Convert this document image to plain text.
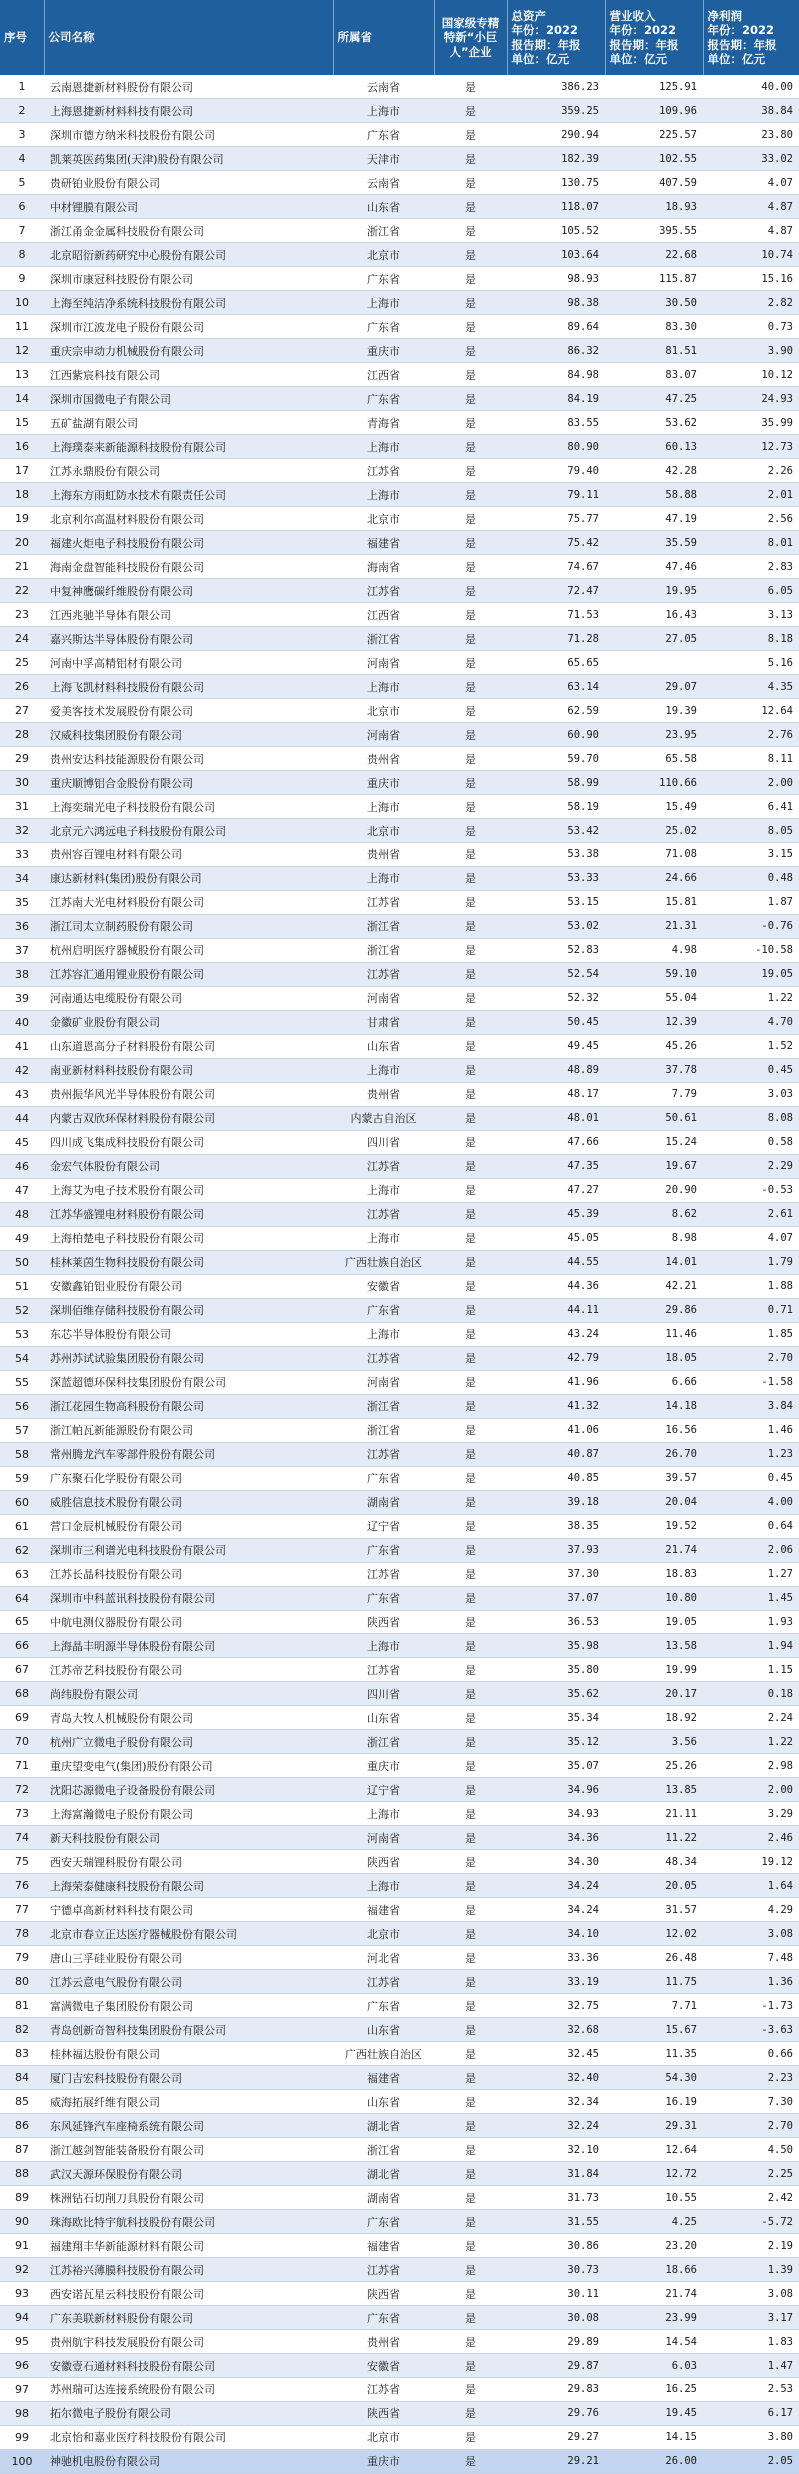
序号	公司名称	所属省	国家级专精特新“小巨人”企业	总资产
年份：2022
报告期：年报
单位：亿元	营业收入
年份：2022
报告期：年报
单位：亿元	净利润
年份：2022
报告期：年报
单位：亿元
1	云南恩捷新材料股份有限公司	云南省	是	386.23	125.91	40.00
2	上海恩捷新材料科技有限公司	上海市	是	359.25	109.96	38.84
3	深圳市德方纳米科技股份有限公司	广东省	是	290.94	225.57	23.80
4	凯莱英医药集团(天津)股份有限公司	天津市	是	182.39	102.55	33.02
5	贵研铂业股份有限公司	云南省	是	130.75	407.59	4.07
6	中材锂膜有限公司	山东省	是	118.07	18.93	4.87
7	浙江甬金金属科技股份有限公司	浙江省	是	105.52	395.55	4.87
8	北京昭衍新药研究中心股份有限公司	北京市	是	103.64	22.68	10.74
9	深圳市康冠科技股份有限公司	广东省	是	98.93	115.87	15.16
10	上海至纯洁净系统科技股份有限公司	上海市	是	98.38	30.50	2.82
11	深圳市江波龙电子股份有限公司	广东省	是	89.64	83.30	0.73
12	重庆宗申动力机械股份有限公司	重庆市	是	86.32	81.51	3.90
13	江西紫宸科技有限公司	江西省	是	84.98	83.07	10.12
14	深圳市国微电子有限公司	广东省	是	84.19	47.25	24.93
15	五矿盐湖有限公司	青海省	是	83.55	53.62	35.99
16	上海璞泰来新能源科技股份有限公司	上海市	是	80.90	60.13	12.73
17	江苏永鼎股份有限公司	江苏省	是	79.40	42.28	2.26
18	上海东方雨虹防水技术有限责任公司	上海市	是	79.11	58.88	2.01
19	北京利尔高温材料股份有限公司	北京市	是	75.77	47.19	2.56
20	福建火炬电子科技股份有限公司	福建省	是	75.42	35.59	8.01
21	海南金盘智能科技股份有限公司	海南省	是	74.67	47.46	2.83
22	中复神鹰碳纤维股份有限公司	江苏省	是	72.47	19.95	6.05
23	江西兆驰半导体有限公司	江西省	是	71.53	16.43	3.13
24	嘉兴斯达半导体股份有限公司	浙江省	是	71.28	27.05	8.18
25	河南中孚高精铝材有限公司	河南省	是	65.65		5.16
26	上海飞凯材料科技股份有限公司	上海市	是	63.14	29.07	4.35
27	爱美客技术发展股份有限公司	北京市	是	62.59	19.39	12.64
28	汉威科技集团股份有限公司	河南省	是	60.90	23.95	2.76
29	贵州安达科技能源股份有限公司	贵州省	是	59.70	65.58	8.11
30	重庆顺博铝合金股份有限公司	重庆市	是	58.99	110.66	2.00
31	上海奕瑞光电子科技股份有限公司	上海市	是	58.19	15.49	6.41
32	北京元六鸿远电子科技股份有限公司	北京市	是	53.42	25.02	8.05
33	贵州容百锂电材料有限公司	贵州省	是	53.38	71.08	3.15
34	康达新材料(集团)股份有限公司	上海市	是	53.33	24.66	0.48
35	江苏南大光电材料股份有限公司	江苏省	是	53.15	15.81	1.87
36	浙江司太立制药股份有限公司	浙江省	是	53.02	21.31	-0.76
37	杭州启明医疗器械股份有限公司	浙江省	是	52.83	4.98	-10.58
38	江苏容汇通用锂业股份有限公司	江苏省	是	52.54	59.10	19.05
39	河南通达电缆股份有限公司	河南省	是	52.32	55.04	1.22
40	金徽矿业股份有限公司	甘肃省	是	50.45	12.39	4.70
41	山东道恩高分子材料股份有限公司	山东省	是	49.45	45.26	1.52
42	南亚新材料科技股份有限公司	上海市	是	48.89	37.78	0.45
43	贵州振华风光半导体股份有限公司	贵州省	是	48.17	7.79	3.03
44	内蒙古双欣环保材料股份有限公司	内蒙古自治区	是	48.01	50.61	8.08
45	四川成飞集成科技股份有限公司	四川省	是	47.66	15.24	0.58
46	金宏气体股份有限公司	江苏省	是	47.35	19.67	2.29
47	上海艾为电子技术股份有限公司	上海市	是	47.27	20.90	-0.53
48	江苏华盛锂电材料股份有限公司	江苏省	是	45.39	8.62	2.61
49	上海柏楚电子科技股份有限公司	上海市	是	45.05	8.98	4.07
50	桂林莱茵生物科技股份有限公司	广西壮族自治区	是	44.55	14.01	1.79
51	安徽鑫铂铝业股份有限公司	安徽省	是	44.36	42.21	1.88
52	深圳佰维存储科技股份有限公司	广东省	是	44.11	29.86	0.71
53	东芯半导体股份有限公司	上海市	是	43.24	11.46	1.85
54	苏州苏试试验集团股份有限公司	江苏省	是	42.79	18.05	2.70
55	深蓝超德环保科技集团股份有限公司	河南省	是	41.96	6.66	-1.58
56	浙江花园生物高科股份有限公司	浙江省	是	41.32	14.18	3.84
57	浙江帕瓦新能源股份有限公司	浙江省	是	41.06	16.56	1.46
58	常州腾龙汽车零部件股份有限公司	江苏省	是	40.87	26.70	1.23
59	广东聚石化学股份有限公司	广东省	是	40.85	39.57	0.45
60	威胜信息技术股份有限公司	湖南省	是	39.18	20.04	4.00
61	营口金辰机械股份有限公司	辽宁省	是	38.35	19.52	0.64
62	深圳市三利谱光电科技股份有限公司	广东省	是	37.93	21.74	2.06
63	江苏长晶科技股份有限公司	江苏省	是	37.30	18.83	1.27
64	深圳市中科蓝讯科技股份有限公司	广东省	是	37.07	10.80	1.45
65	中航电测仪器股份有限公司	陕西省	是	36.53	19.05	1.93
66	上海晶丰明源半导体股份有限公司	上海市	是	35.98	13.58	1.94
67	江苏帝艺科技股份有限公司	江苏省	是	35.80	19.99	1.15
68	尚纬股份有限公司	四川省	是	35.62	20.17	0.18
69	青岛大牧人机械股份有限公司	山东省	是	35.34	18.92	2.24
70	杭州广立微电子股份有限公司	浙江省	是	35.12	3.56	1.22
71	重庆望变电气(集团)股份有限公司	重庆市	是	35.07	25.26	2.98
72	沈阳芯源微电子设备股份有限公司	辽宁省	是	34.96	13.85	2.00
73	上海富瀚微电子股份有限公司	上海市	是	34.93	21.11	3.29
74	新天科技股份有限公司	河南省	是	34.36	11.22	2.46
75	西安天瑞锂科股份有限公司	陕西省	是	34.30	48.34	19.12
76	上海荣泰健康科技股份有限公司	上海市	是	34.24	20.05	1.64
77	宁德卓高新材料科技有限公司	福建省	是	34.24	31.57	4.29
78	北京市春立正达医疗器械股份有限公司	北京市	是	34.10	12.02	3.08
79	唐山三孚硅业股份有限公司	河北省	是	33.36	26.48	7.48
80	江苏云意电气股份有限公司	江苏省	是	33.19	11.75	1.36
81	富满微电子集团股份有限公司	广东省	是	32.75	7.71	-1.73
82	青岛创新奇智科技集团股份有限公司	山东省	是	32.68	15.67	-3.63
83	桂林福达股份有限公司	广西壮族自治区	是	32.45	11.35	0.66
84	厦门吉宏科技股份有限公司	福建省	是	32.40	54.30	2.23
85	威海拓展纤维有限公司	山东省	是	32.34	16.19	7.30
86	东风延锋汽车座椅系统有限公司	湖北省	是	32.24	29.31	2.70
87	浙江越剑智能装备股份有限公司	浙江省	是	32.10	12.64	4.50
88	武汉天源环保股份有限公司	湖北省	是	31.84	12.72	2.25
89	株洲钻石切削刀具股份有限公司	湖南省	是	31.73	10.55	2.42
90	珠海欧比特宇航科技股份有限公司	广东省	是	31.55	4.25	-5.72
91	福建翔丰华新能源材料有限公司	福建省	是	30.86	23.20	2.19
92	江苏裕兴薄膜科技股份有限公司	江苏省	是	30.73	18.66	1.39
93	西安诺瓦星云科技股份有限公司	陕西省	是	30.11	21.74	3.08
94	广东美联新材料股份有限公司	广东省	是	30.08	23.99	3.17
95	贵州航宇科技发展股份有限公司	贵州省	是	29.89	14.54	1.83
96	安徽壹石通材料科技股份有限公司	安徽省	是	29.87	6.03	1.47
97	苏州瑞可达连接系统股份有限公司	江苏省	是	29.83	16.25	2.53
98	拓尔微电子股份有限公司	陕西省	是	29.76	19.45	6.17
99	北京怡和嘉业医疗科技股份有限公司	北京市	是	29.27	14.15	3.80
100	神驰机电股份有限公司	重庆市	是	29.21	26.00	2.05
